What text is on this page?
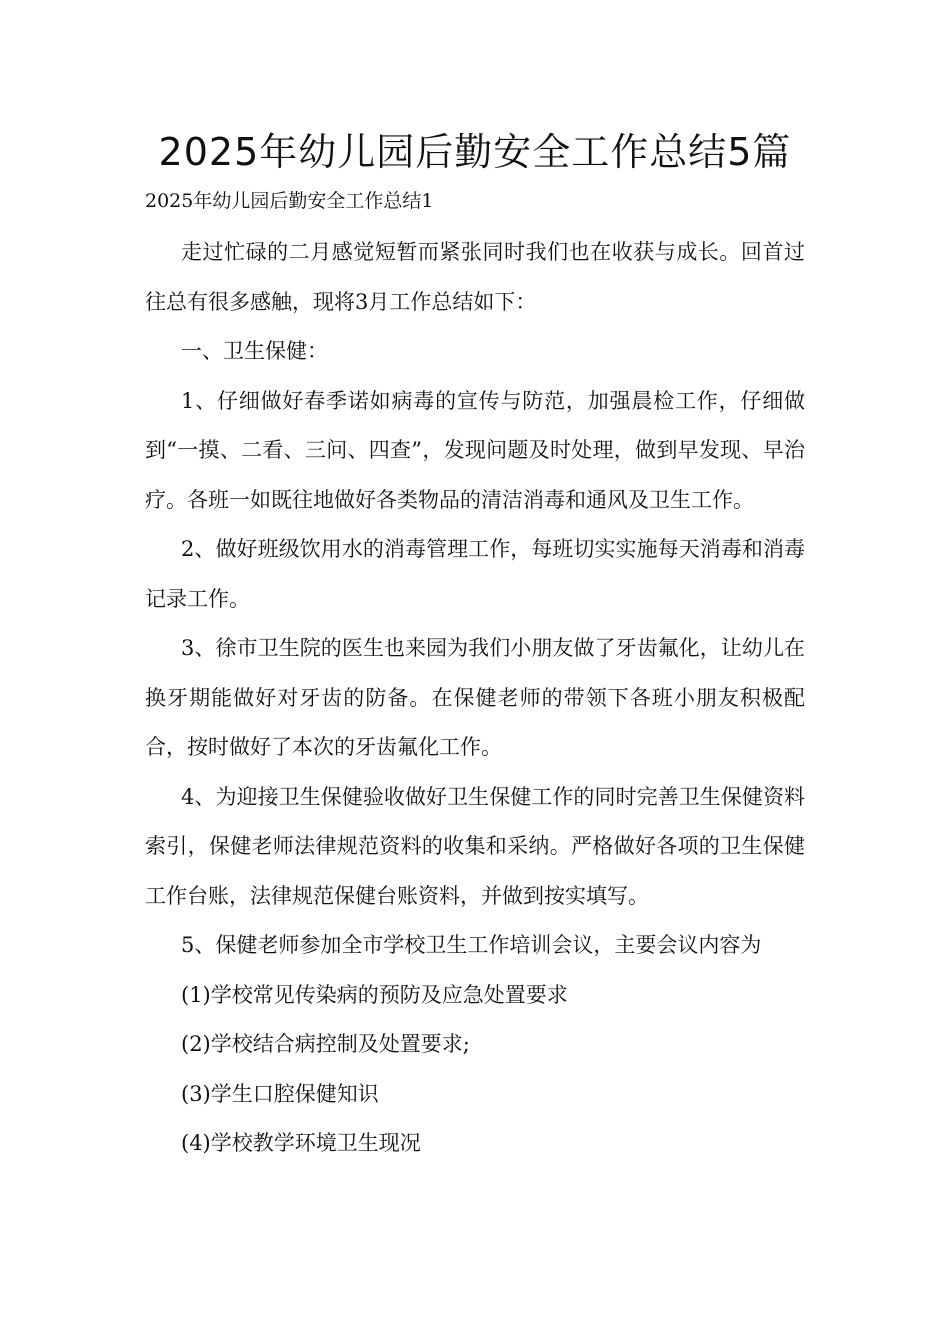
2025年幼儿园后勤安全工作总结5篇
2025年幼儿园后勤安全工作总结1

走过忙碌的二月感觉短暂而紧张同时我们也在收获与成长。回首过往总有很多感触，现将3月工作总结如下：

一、卫生保健：

1、仔细做好春季诺如病毒的宣传与防范，加强晨检工作，仔细做到“一摸、二看、三问、四查”，发现问题及时处理，做到早发现、早治疗。各班一如既往地做好各类物品的清洁消毒和通风及卫生工作。

2、做好班级饮用水的消毒管理工作，每班切实实施每天消毒和消毒记录工作。

3、徐市卫生院的医生也来园为我们小朋友做了牙齿氟化，让幼儿在换牙期能做好对牙齿的防备。在保健老师的带领下各班小朋友积极配合，按时做好了本次的牙齿氟化工作。

4、为迎接卫生保健验收做好卫生保健工作的同时完善卫生保健资料索引，保健老师法律规范资料的收集和采纳。严格做好各项的卫生保健工作台账，法律规范保健台账资料，并做到按实填写。

5、保健老师参加全市学校卫生工作培训会议，主要会议内容为

(1)学校常见传染病的预防及应急处置要求

(2)学校结合病控制及处置要求;

(3)学生口腔保健知识

(4)学校教学环境卫生现况
